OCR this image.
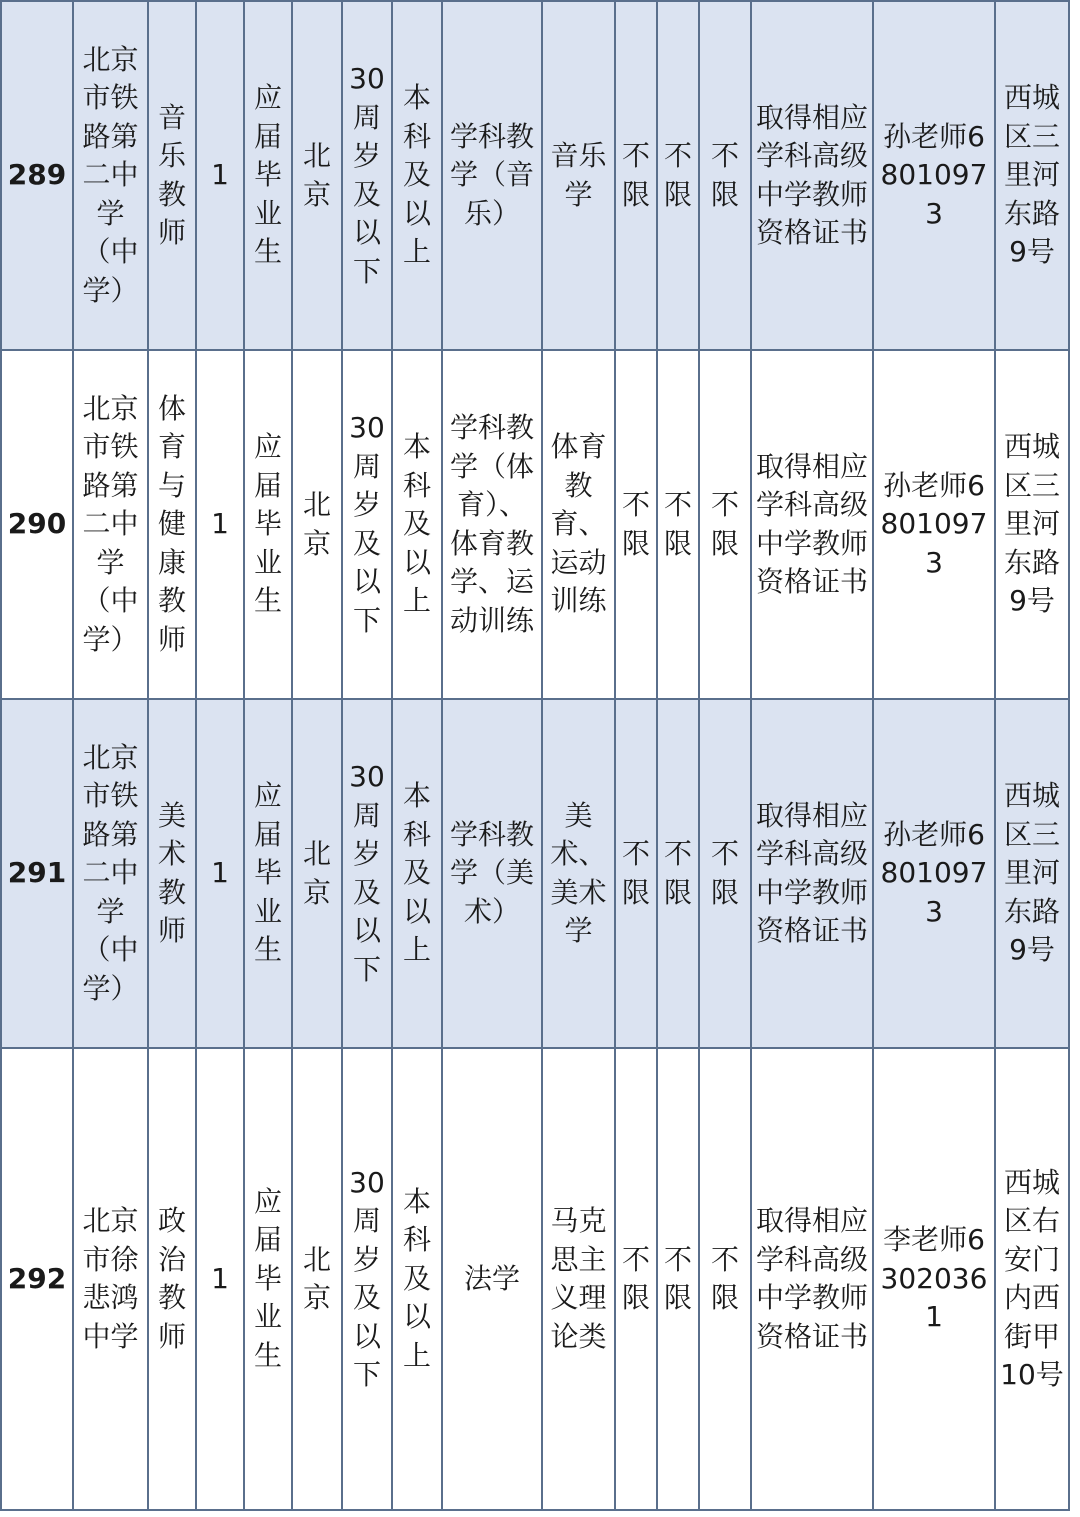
289	北京市铁路第二中学（中学）	音乐教师	1	应届毕业生	北京	30周岁及以下	本科及以上	学科教学（音乐）	音乐学	不限	不限	不限	取得相应学科高级中学教师资格证书	孙老师68010973	西城区三里河东路9号
290	北京市铁路第二中学（中学）	体育与健康教师	1	应届毕业生	北京	30周岁及以下	本科及以上	学科教学（体育）、体育教学、运动训练	体育教育、运动训练	不限	不限	不限	取得相应学科高级中学教师资格证书	孙老师68010973	西城区三里河东路9号
291	北京市铁路第二中学（中学）	美术教师	1	应届毕业生	北京	30周岁及以下	本科及以上	学科教学（美术）	美术、美术学	不限	不限	不限	取得相应学科高级中学教师资格证书	孙老师68010973	西城区三里河东路9号
292	北京市徐悲鸿中学	政治教师	1	应届毕业生	北京	30周岁及以下	本科及以上	法学	马克思主义理论类	不限	不限	不限	取得相应学科高级中学教师资格证书	李老师63020361	西城区右安门内西街甲10号
